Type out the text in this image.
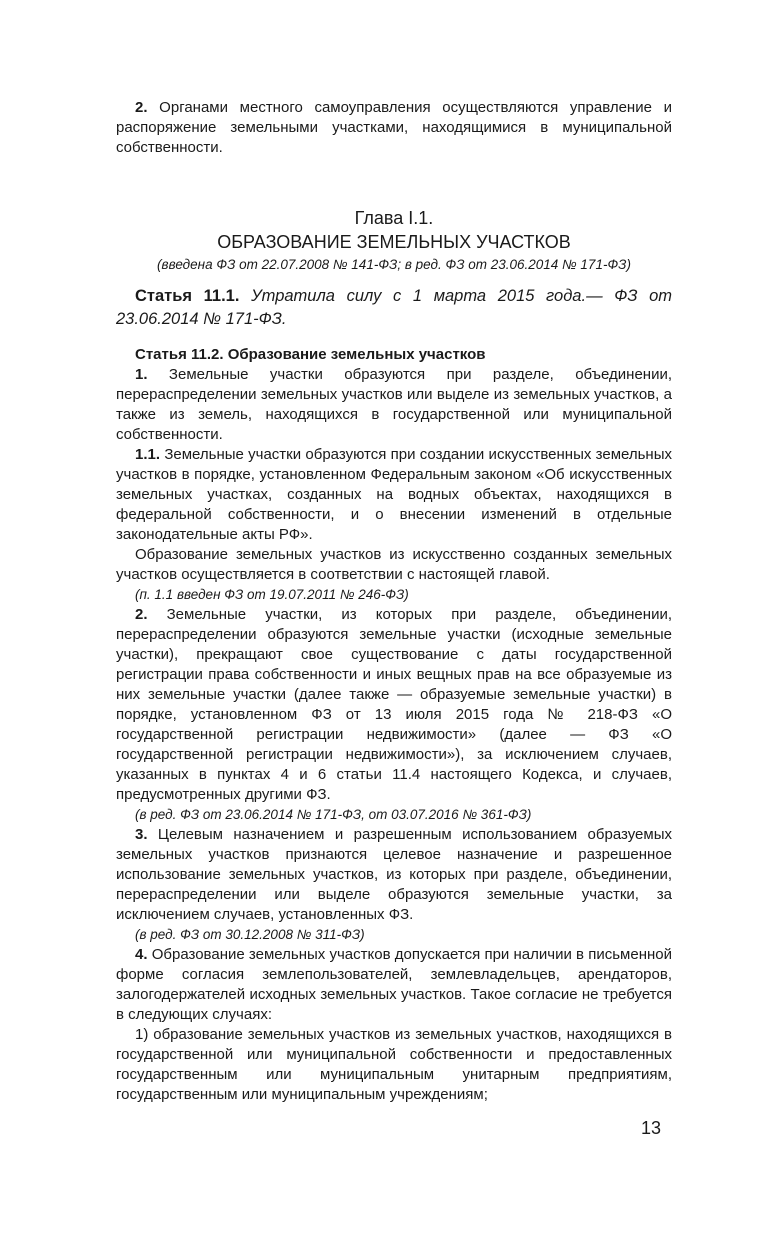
2. Органами местного самоуправления осуществляются управление и распоряжение земельными участками, находящимися в муниципальной собственности.

Глава I.1.
ОБРАЗОВАНИЕ ЗЕМЕЛЬНЫХ УЧАСТКОВ
(введена ФЗ от 22.07.2008 № 141-ФЗ; в ред. ФЗ от 23.06.2014 № 171-ФЗ)

Статья 11.1. Утратила силу с 1 марта 2015 года.— ФЗ от 23.06.2014 № 171-ФЗ.

Статья 11.2. Образование земельных участков

1. Земельные участки образуются при разделе, объединении, перераспределении земельных участков или выделе из земельных участков, а также из земель, находящихся в государственной или муниципальной собственности.

1.1. Земельные участки образуются при создании искусственных земельных участков в порядке, установленном Федеральным законом «Об искусственных земельных участках, созданных на водных объектах, находящихся в федеральной собственности, и о внесении изменений в отдельные законодательные акты РФ».

Образование земельных участков из искусственно созданных земельных участков осуществляется в соответствии с настоящей главой.

(п. 1.1 введен ФЗ от 19.07.2011 № 246-ФЗ)

2. Земельные участки, из которых при разделе, объединении, перераспределении образуются земельные участки (исходные земельные участки), прекращают свое существование с даты государственной регистрации права собственности и иных вещных прав на все образуемые из них земельные участки (далее также — образуемые земельные участки) в порядке, установленном ФЗ от 13 июля 2015 года № 218-ФЗ «О государственной регистрации недвижимости» (далее — ФЗ «О государственной регистрации недвижимости»), за исключением случаев, указанных в пунктах 4 и 6 статьи 11.4 настоящего Кодекса, и случаев, предусмотренных другими ФЗ.

(в ред. ФЗ от 23.06.2014 № 171-ФЗ, от 03.07.2016 № 361-ФЗ)

3. Целевым назначением и разрешенным использованием образуемых земельных участков признаются целевое назначение и разрешенное использование земельных участков, из которых при разделе, объединении, перераспределении или выделе образуются земельные участки, за исключением случаев, установленных ФЗ.

(в ред. ФЗ от 30.12.2008 № 311-ФЗ)

4. Образование земельных участков допускается при наличии в письменной форме согласия землепользователей, землевладельцев, арендаторов, залогодержателей исходных земельных участков. Такое согласие не требуется в следующих случаях:

1) образование земельных участков из земельных участков, находящихся в государственной или муниципальной собственности и предоставленных государственным или муниципальным унитарным предприятиям, государственным или муниципальным учреждениям;

13
